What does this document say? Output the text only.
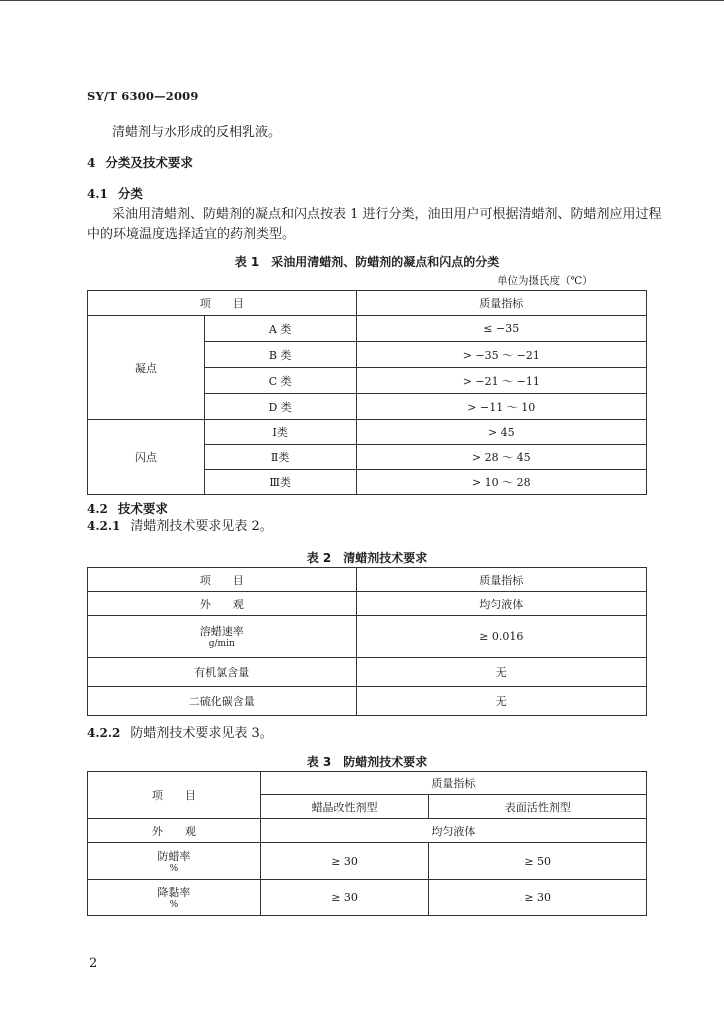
SY/T 6300—2009
清蜡剂与水形成的反相乳液。
4 分类及技术要求
4.1 分类
采油用清蜡剂、防蜡剂的凝点和闪点按表 1 进行分类，油田用户可根据清蜡剂、防蜡剂应用过程
中的环境温度选择适宜的药剂类型。
表 1　采油用清蜡剂、防蜡剂的凝点和闪点的分类
单位为摄氏度（℃）
项　　目		质量指标
凝点	A 类	≤ −35
	B 类	> −35 ～ −21
	C 类	> −21 ～ −11
	D 类	> −11 ～ 10
闪点	Ⅰ类	> 45
	Ⅱ类	> 28 ～ 45
	Ⅲ类	> 10 ～ 28
4.2 技术要求
4.2.1 清蜡剂技术要求见表 2。
表 2　清蜡剂技术要求
项　　目	质量指标
外　　观	均匀液体
溶蜡速率
g/min	≥ 0.016
有机氯含量	无
二硫化碳含量	无
4.2.2 防蜡剂技术要求见表 3。
表 3　防蜡剂技术要求
项　　目	质量指标	
	蜡晶改性剂型	表面活性剂型
外　　观	均匀液体	
防蜡率
%	≥ 30	≥ 50
降黏率
%	≥ 30	≥ 30
2
